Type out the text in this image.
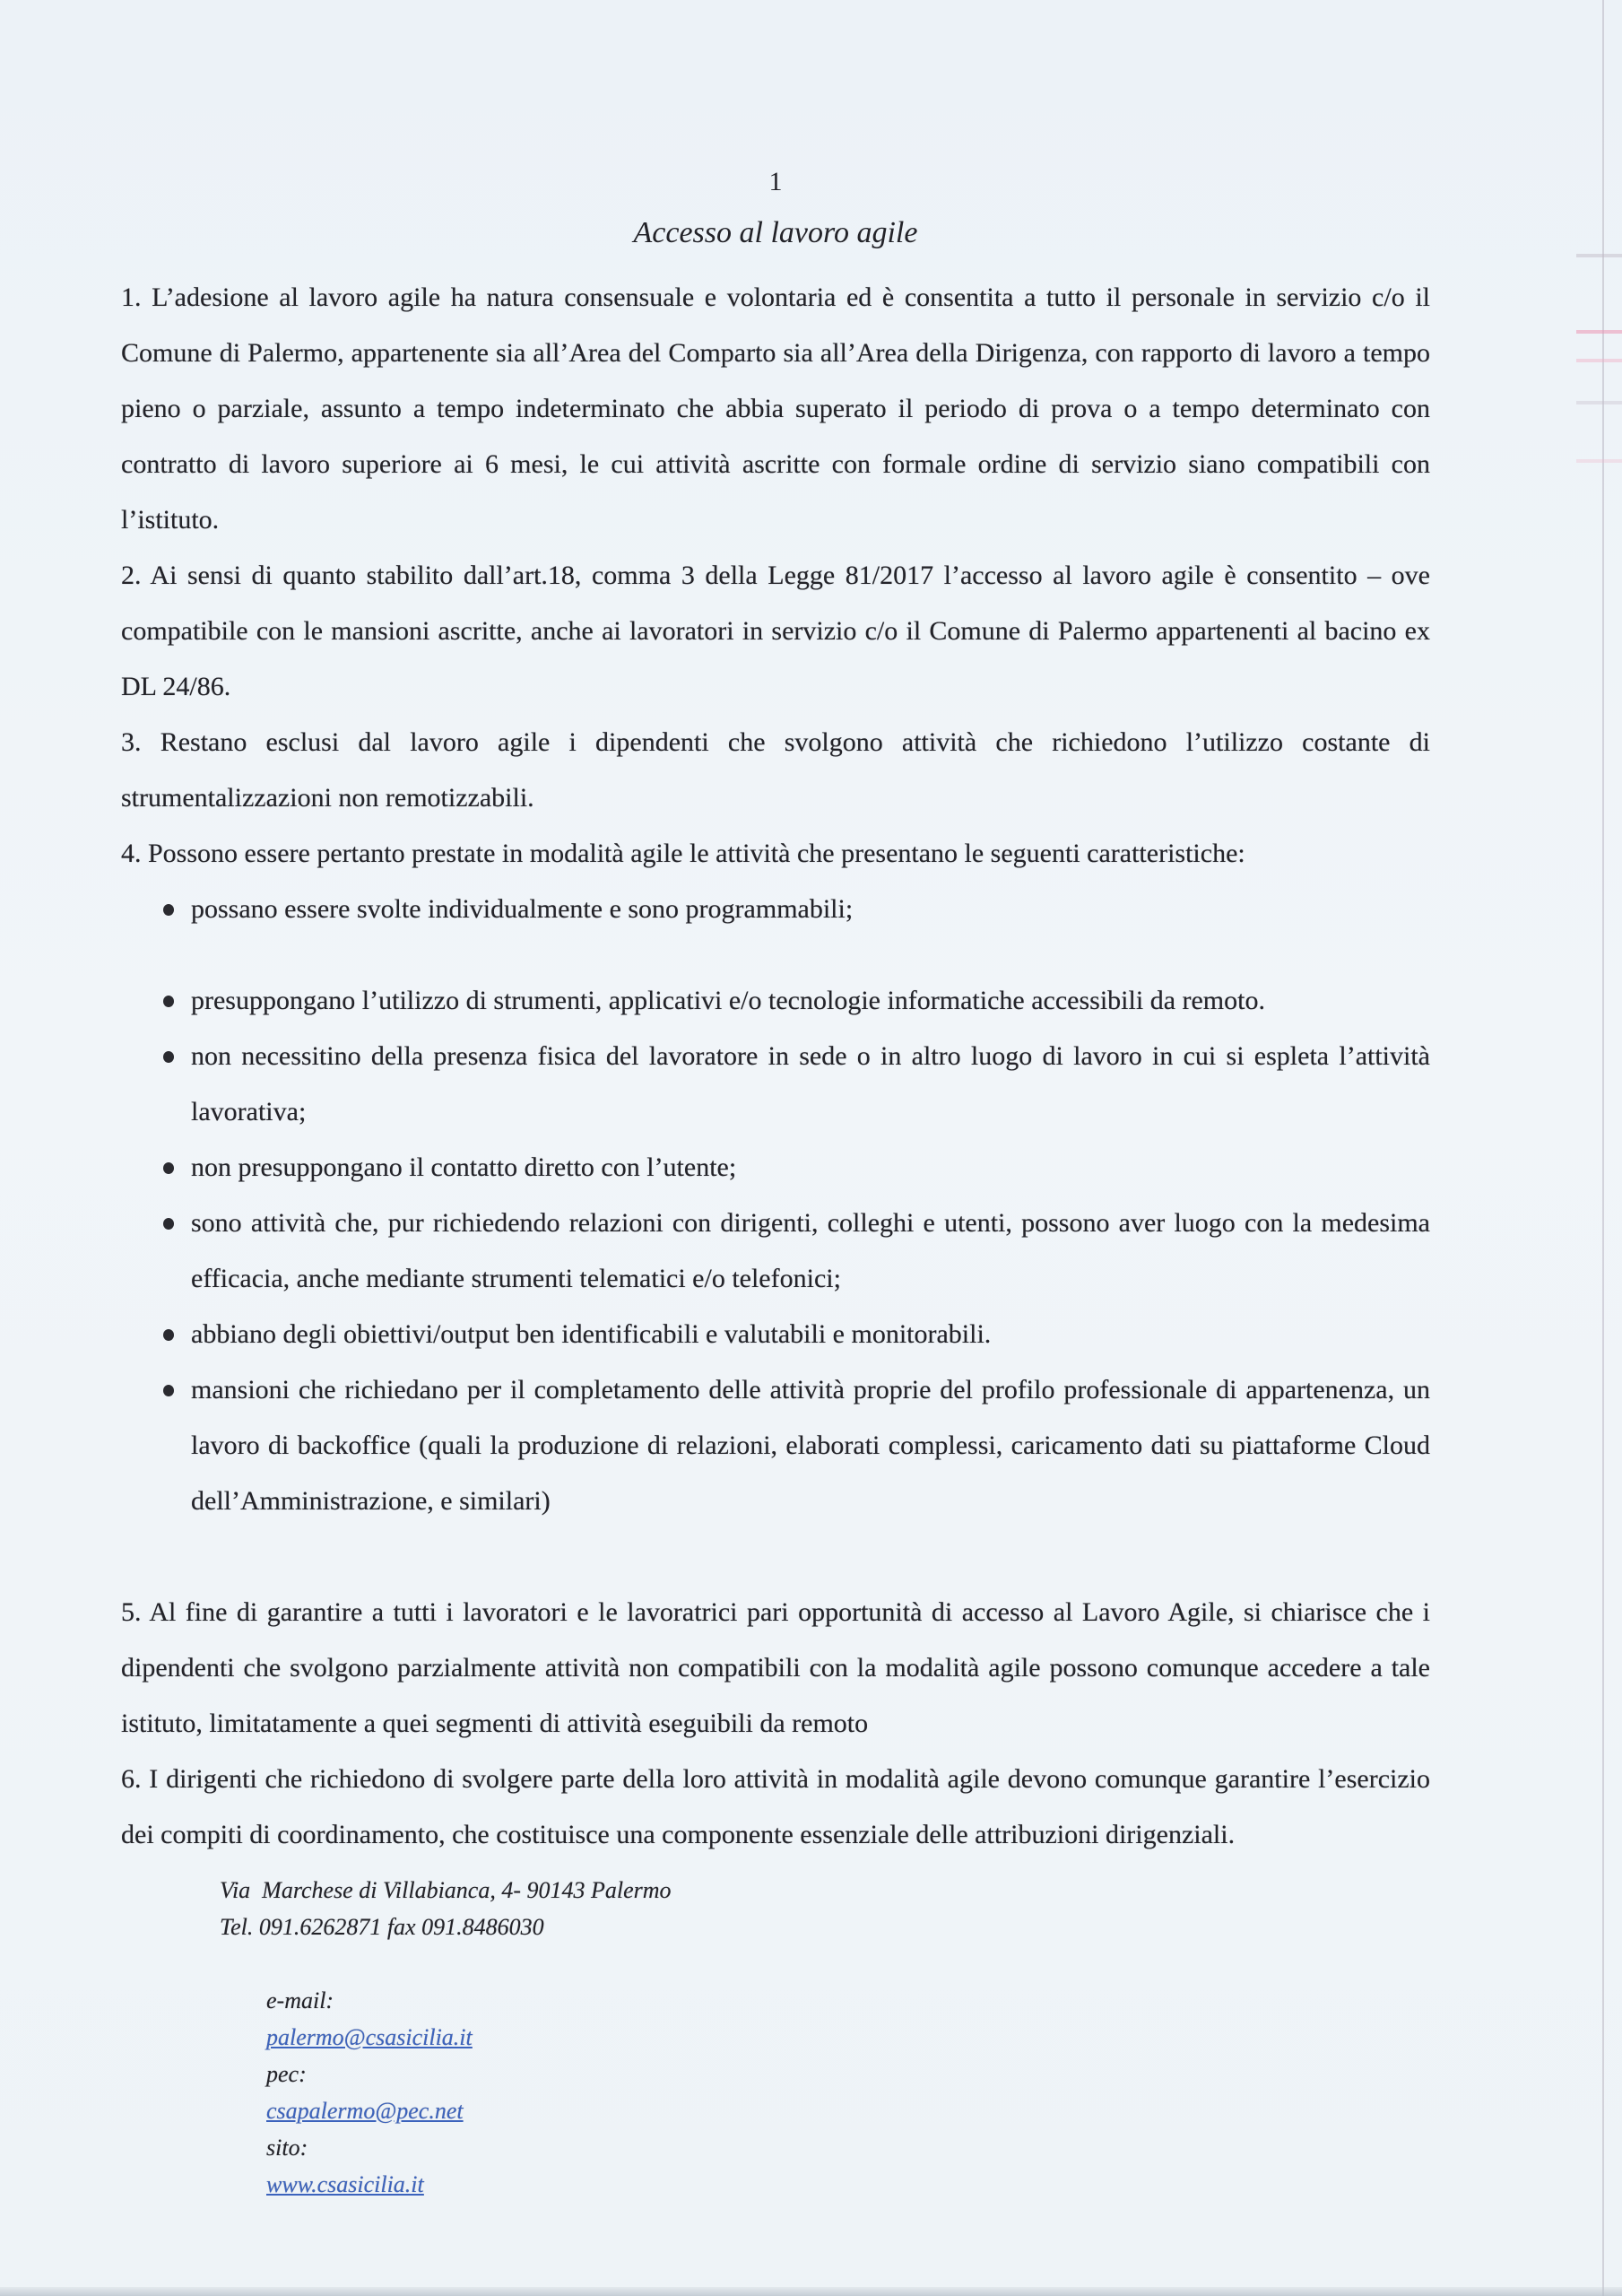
1
Accesso al lavoro agile

1. L’adesione al lavoro agile ha natura consensuale e volontaria ed è consentita a tutto il personale in servizio c/o il Comune di Palermo, appartenente sia all’Area del Comparto sia all’Area della Dirigenza, con rapporto di lavoro a tempo pieno o parziale, assunto a tempo indeterminato che abbia superato il periodo di prova o a tempo determinato con contratto di lavoro superiore ai 6 mesi, le cui attività ascritte con formale ordine di servizio siano compatibili con l’istituto.

2. Ai sensi di quanto stabilito dall’art.18, comma 3 della Legge 81/2017 l’accesso al lavoro agile è consentito – ove compatibile con le mansioni ascritte, anche ai lavoratori in servizio c/o il Comune di Palermo appartenenti al bacino ex DL 24/86.

3. Restano esclusi dal lavoro agile i dipendenti che svolgono attività che richiedono l’utilizzo costante di strumentalizzazioni non remotizzabili.

4. Possono essere pertanto prestate in modalità agile le attività che presentano le seguenti caratteristiche:

possano essere svolte individualmente e sono programmabili;
presuppongano l’utilizzo di strumenti, applicativi e/o tecnologie informatiche accessibili da remoto.
non necessitino della presenza fisica del lavoratore in sede o in altro luogo di lavoro in cui si espleta l’attività lavorativa;
non presuppongano il contatto diretto con l’utente;
sono attività che, pur richiedendo relazioni con dirigenti, colleghi e utenti, possono aver luogo con la medesima efficacia, anche mediante strumenti telematici e/o telefonici;
abbiano degli obiettivi/output ben identificabili e valutabili e monitorabili.
mansioni che richiedano per il completamento delle attività proprie del profilo professionale di appartenenza, un lavoro di backoffice (quali la produzione di relazioni, elaborati complessi, caricamento dati su piattaforme Cloud dell’Amministrazione, e similari)

5. Al fine di garantire a tutti i lavoratori e le lavoratrici pari opportunità di accesso al Lavoro Agile, si chiarisce che i dipendenti che svolgono parzialmente attività non compatibili con la modalità agile possono comunque accedere a tale istituto, limitatamente a quei segmenti di attività eseguibili da remoto

6. I dirigenti che richiedono di svolgere parte della loro attività in modalità agile devono comunque garantire l’esercizio dei compiti di coordinamento, che costituisce una componente essenziale delle attribuzioni dirigenziali.

Via  Marchese di Villabianca, 4- 90143 Palermo
Tel. 091.6262871 fax 091.8486030

e-mail:
palermo@csasicilia.it
pec:
csapalermo@pec.net
sito:
www.csasicilia.it
